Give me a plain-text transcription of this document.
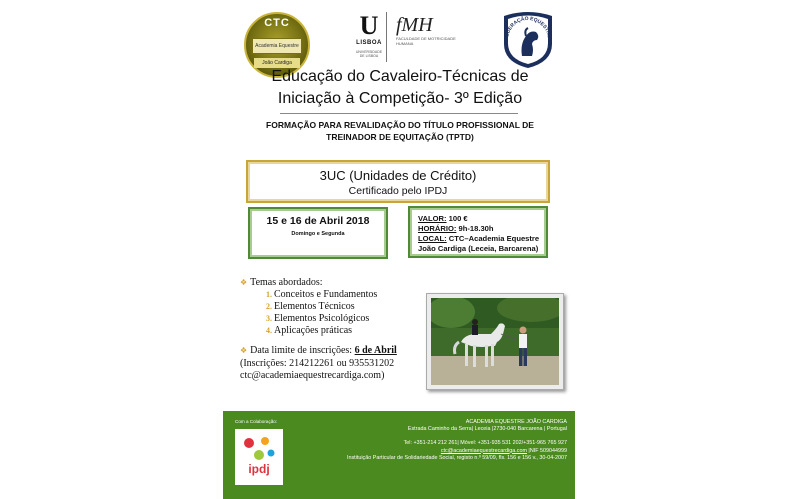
CTC
Academia Equestre
João Cardiga
U
LISBOA
UNIVERSIDADE DE LISBOA
fMH
FACULDADE DE MOTRICIDADE HUMANA
FEDERAÇÃO EQUESTRE
Educação do Cavaleiro-Técnicas de
Iniciação à Competição- 3º Edição
FORMAÇÃO PARA REVALIDAÇÃO DO TÍTULO PROFISSIONAL DE
TREINADOR DE EQUITAÇÃO (TPTD)
3UC (Unidades de Crédito)
Certificado pelo IPDJ
15 e 16 de Abril 2018
Domingo e Segunda
VALOR: 100 €
HORÁRIO: 9h-18.30h
LOCAL: CTC–Academia Equestre
João Cardiga (Leceia, Barcarena)
❖ Temas abordados:
1. Conceitos e Fundamentos
2. Elementos Técnicos
3. Elementos Psicológicos
4. Aplicações práticas
❖ Data limite de inscrições: 6 de Abril
(Inscrições: 214212261 ou 935531202
ctc@academiaequestrecardiga.com)
Com a Colaboração:
ipdj
ACADEMIA EQUESTRE JOÃO CARDIGA
Estrada Caminho da Serra| Leceia |2730-040 Barcarena | Portugal
Tel: +351-214 212 261| Móvel: +351-935 531 202/+351-965 765 927
ctc@academiaequestrecardiga.com |NIF 509044999
Instituição Particular de Solidariedade Social, registo n.º 59/09, fls. 156 e 156 v., 30-04-2007
